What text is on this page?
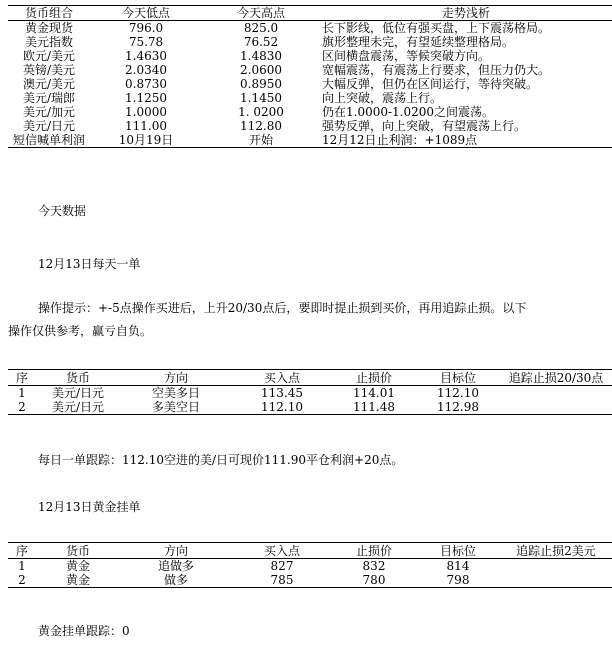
货币组合	今天低点	今天高点	走势浅析
黄金现货	796.0	825.0	长下影线，低位有强买盘，上下震荡格局。
美元指数	75.78	76.52	旗形整理未完，有望延续整理格局。
欧元/美元	1.4630	1.4830	区间横盘震荡，等候突破方向。
英镑/美元	2.0340	2.0600	宽幅震荡，有震荡上行要求，但压力仍大。
澳元/美元	0.8730	0.8950	大幅反弹，但仍在区间运行，等待突破。
美元/瑞郎	1.1250	1.1450	向上突破，震荡上行。
美元/加元	1.0000	1. 0200	仍在1.0000-1.0200之间震荡。
美元/日元	111.00	112.80	强势反弹，向上突破，有望震荡上行。
短信喊单利润	10月19日	开始	12月12日止利润：+1089点
今天数据
12月13日每天一单
操作提示：+-5点操作买进后，上升20/30点后，要即时提止损到买价，再用追踪止损。以下
操作仅供参考，赢亏自负。
序	货币	方向	买入点	止损价	目标位	追踪止损20/30点
1	美元/日元	空美多日	113.45	114.01	112.10	
2	美元/日元	多美空日	112.10	111.48	112.98	
每日一单跟踪：112.10空进的美/日可现价111.90平仓利润+20点。
12月13日黄金挂单
序	货币	方向	买入点	止损价	目标位	追踪止损2美元
1	黄金	追做多	827	832	814	
2	黄金	做多	785	780	798	
黄金挂单跟踪：0
